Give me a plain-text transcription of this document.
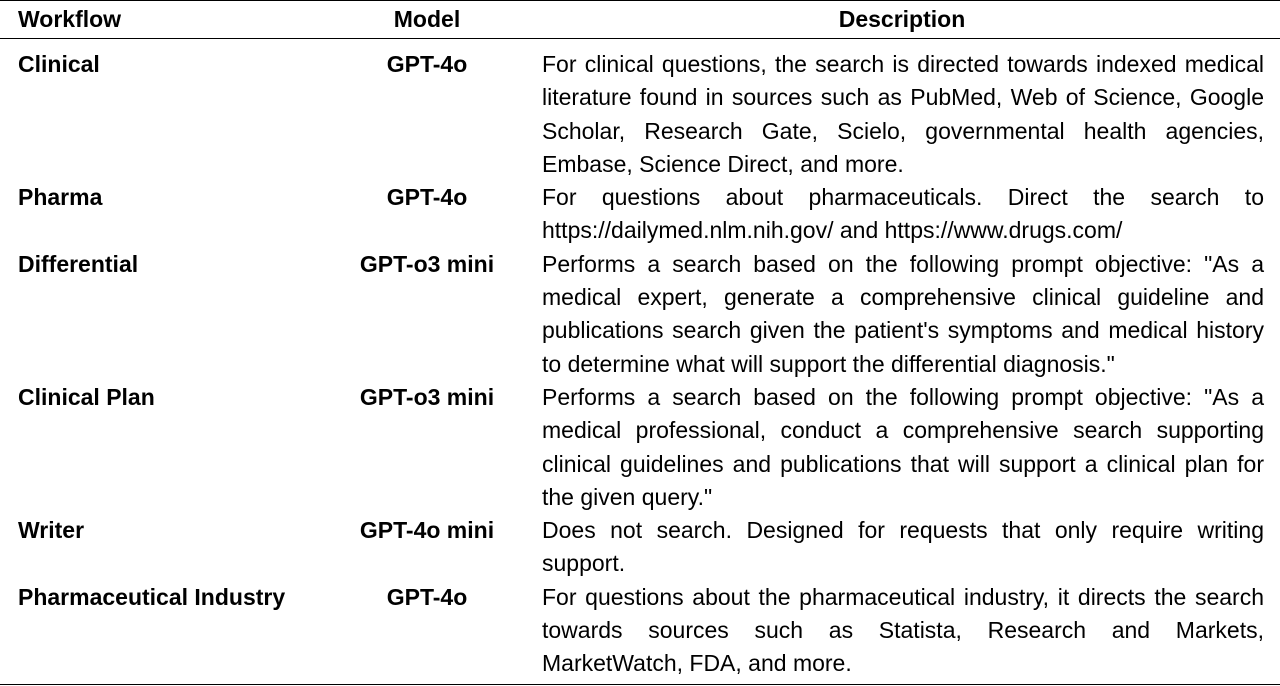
Workflow	Model	Description
Clinical	GPT-4o	For clinical questions, the search is directed towards indexed medical literature found in sources such as PubMed, Web of Science, Google Scholar, Research Gate, Scielo, governmental health agencies, Embase, Science Direct, and more.
Pharma	GPT-4o	For questions about pharmaceuticals. Direct the search to https://dailymed.nlm.nih.gov/ and https://www.drugs.com/
Differential	GPT-o3 mini	Performs a search based on the following prompt objective: "As a medical expert, generate a comprehensive clinical guideline and publications search given the patient's symptoms and medical history to determine what will support the differential diagnosis."
Clinical Plan	GPT-o3 mini	Performs a search based on the following prompt objective: "As a medical professional, conduct a comprehensive search supporting clinical guidelines and publications that will support a clinical plan for the given query."
Writer	GPT-4o mini	Does not search. Designed for requests that only require writing support.
Pharmaceutical Industry	GPT-4o	For questions about the pharmaceutical industry, it directs the search towards sources such as Statista, Research and Markets, MarketWatch, FDA, and more.
